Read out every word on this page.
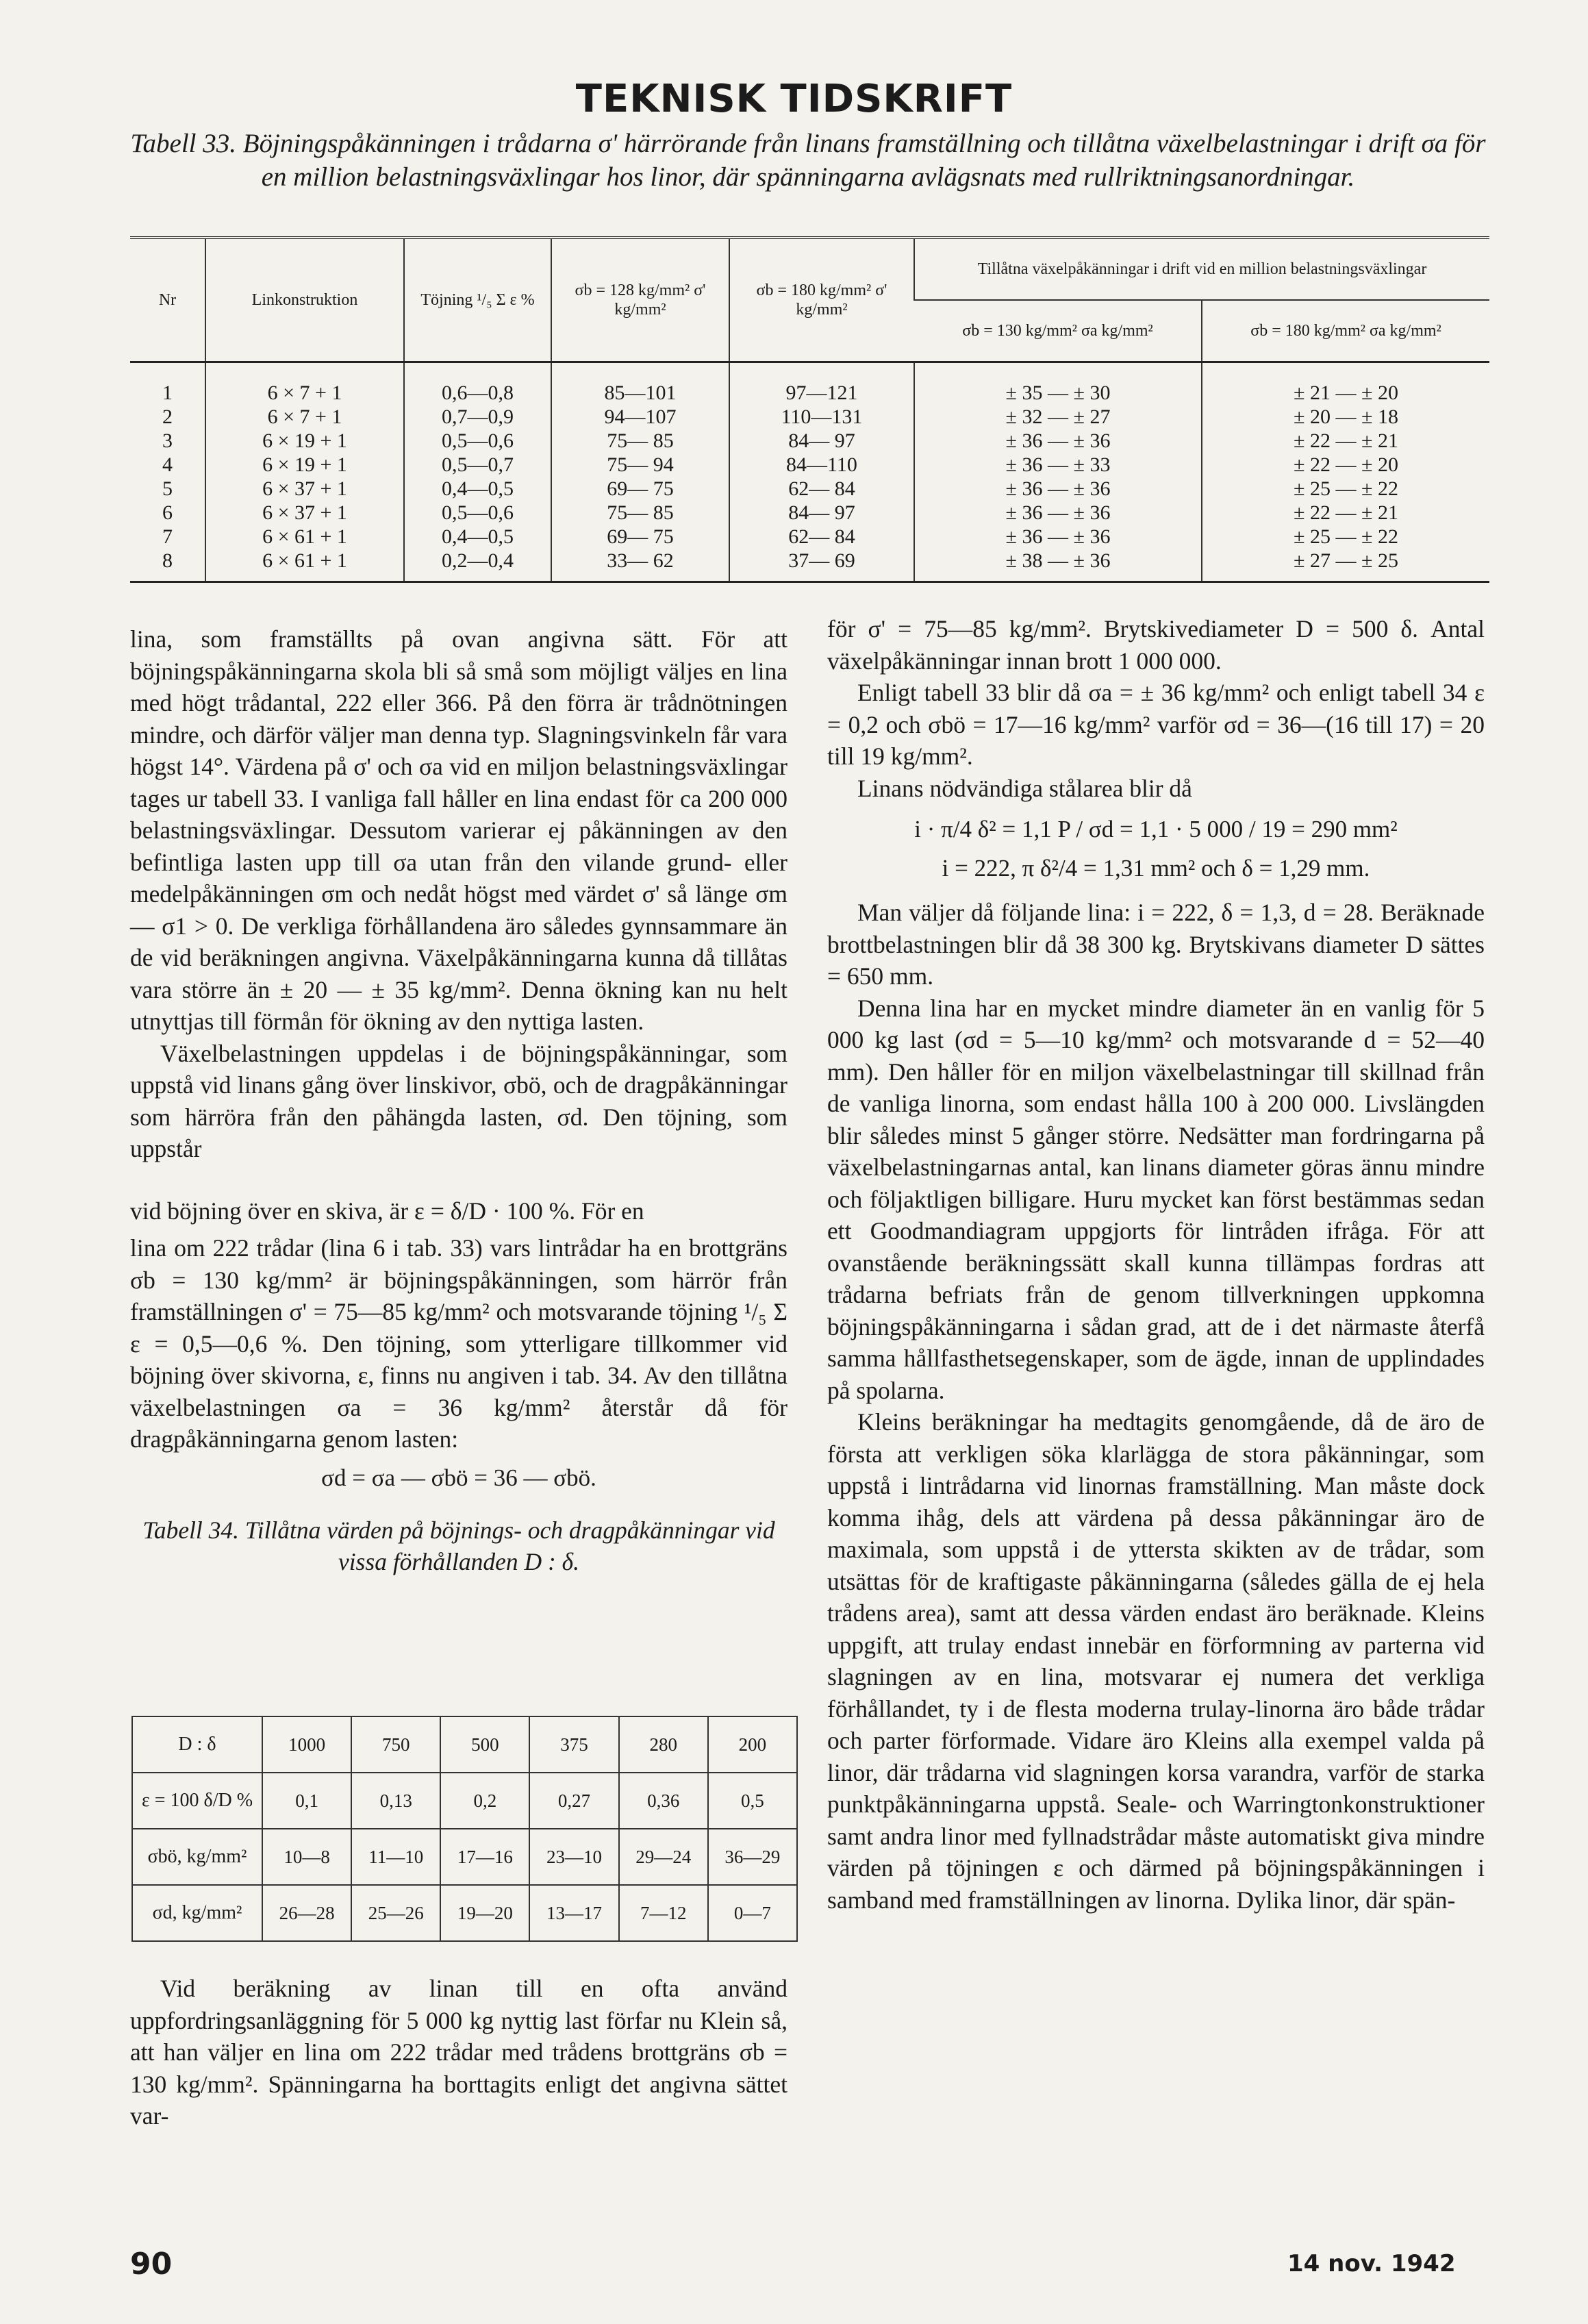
TEKNISK TIDSKRIFT
Tabell 33. Böjningspåkänningen i trådarna σ' härrörande från linans framställning och tillåtna växelbelastningar i drift σa för en million belastningsväxlingar hos linor, där spänningarna avlägsnats med rullriktningsanordningar.
Nr	Linkonstruktion	Töjning ¹/₅ Σ ε %	σb = 128 kg/mm² σ' kg/mm²	σb = 180 kg/mm² σ' kg/mm²	Tillåtna växelpåkänningar i drift vid en million belastningsväxlingar	
					σb = 130 kg/mm² σa kg/mm²	σb = 180 kg/mm² σa kg/mm²
1	6 × 7 + 1	0,6—0,8	85—101	97—121	± 35 — ± 30	± 21 — ± 20
2	6 × 7 + 1	0,7—0,9	94—107	110—131	± 32 — ± 27	± 20 — ± 18
3	6 × 19 + 1	0,5—0,6	75— 85	84— 97	± 36 — ± 36	± 22 — ± 21
4	6 × 19 + 1	0,5—0,7	75— 94	84—110	± 36 — ± 33	± 22 — ± 20
5	6 × 37 + 1	0,4—0,5	69— 75	62— 84	± 36 — ± 36	± 25 — ± 22
6	6 × 37 + 1	0,5—0,6	75— 85	84— 97	± 36 — ± 36	± 22 — ± 21
7	6 × 61 + 1	0,4—0,5	69— 75	62— 84	± 36 — ± 36	± 25 — ± 22
8	6 × 61 + 1	0,2—0,4	33— 62	37— 69	± 38 — ± 36	± 27 — ± 25

lina, som framställts på ovan angivna sätt. För att böjningspåkänningarna skola bli så små som möjligt väljes en lina med högt trådantal, 222 eller 366. På den förra är trådnötningen mindre, och därför väljer man denna typ. Slagningsvinkeln får vara högst 14°. Värdena på σ' och σa vid en miljon belastningsväxlingar tages ur tabell 33. I vanliga fall håller en lina endast för ca 200 000 belastningsväxlingar. Dessutom varierar ej påkänningen av den befintliga lasten upp till σa utan från den vilande grund- eller medelpåkänningen σm och nedåt högst med värdet σ' så länge σm — σ1 > 0. De verkliga förhållandena äro således gynnsammare än de vid beräkningen angivna. Växelpåkänningarna kunna då tillåtas vara större än ± 20 — ± 35 kg/mm². Denna ökning kan nu helt utnyttjas till förmån för ökning av den nyttiga lasten.

Växelbelastningen uppdelas i de böjningspåkänningar, som uppstå vid linans gång över linskivor, σbö, och de dragpåkänningar som härröra från den påhängda lasten, σd. Den töjning, som uppstår

vid böjning över en skiva, är ε = δ/D · 100 %. För en

lina om 222 trådar (lina 6 i tab. 33) vars lintrådar ha en brottgräns σb = 130 kg/mm² är böjningspåkänningen, som härrör från framställningen σ' = 75—85 kg/mm² och motsvarande töjning ¹/₅ Σ ε = 0,5—0,6 %. Den töjning, som ytterligare tillkommer vid böjning över skivorna, ε, finns nu angiven i tab. 34. Av den tillåtna växelbelastningen σa = 36 kg/mm² återstår då för dragpåkänningarna genom lasten:

σd = σa — σbö = 36 — σbö.

Tabell 34. Tillåtna värden på böjnings- och dragpåkänningar vid vissa förhållanden D : δ.

D : δ	1000	750	500	375	280	200
ε = 100 δ/D %	0,1	0,13	0,2	0,27	0,36	0,5
σbö, kg/mm²	10—8	11—10	17—16	23—10	29—24	36—29
σd, kg/mm²	26—28	25—26	19—20	13—17	7—12	0—7

Vid beräkning av linan till en ofta använd uppfordringsanläggning för 5 000 kg nyttig last förfar nu Klein så, att han väljer en lina om 222 trådar med trådens brottgräns σb = 130 kg/mm². Spänningarna ha borttagits enligt det angivna sättet var-

för σ' = 75—85 kg/mm². Brytskivediameter D = 500 δ. Antal växelpåkänningar innan brott 1 000 000.

Enligt tabell 33 blir då σa = ± 36 kg/mm² och enligt tabell 34 ε = 0,2 och σbö = 17—16 kg/mm² varför σd = 36—(16 till 17) = 20 till 19 kg/mm².

Linans nödvändiga stålarea blir då

i · π/4 δ² = 1,1 P / σd = 1,1 · 5 000 / 19 = 290 mm²

i = 222, π δ²/4 = 1,31 mm² och δ = 1,29 mm.

Man väljer då följande lina: i = 222, δ = 1,3, d = 28. Beräknade brottbelastningen blir då 38 300 kg. Brytskivans diameter D sättes = 650 mm.

Denna lina har en mycket mindre diameter än en vanlig för 5 000 kg last (σd = 5—10 kg/mm² och motsvarande d = 52—40 mm). Den håller för en miljon växelbelastningar till skillnad från de vanliga linorna, som endast hålla 100 à 200 000. Livslängden blir således minst 5 gånger större. Nedsätter man fordringarna på växelbelastningarnas antal, kan linans diameter göras ännu mindre och följaktligen billigare. Huru mycket kan först bestämmas sedan ett Goodmandiagram uppgjorts för lintråden ifråga. För att ovanstående beräkningssätt skall kunna tillämpas fordras att trådarna befriats från de genom tillverkningen uppkomna böjningspåkänningarna i sådan grad, att de i det närmaste återfå samma hållfasthetsegenskaper, som de ägde, innan de upplindades på spolarna.

Kleins beräkningar ha medtagits genomgående, då de äro de första att verkligen söka klarlägga de stora påkänningar, som uppstå i lintrådarna vid linornas framställning. Man måste dock komma ihåg, dels att värdena på dessa påkänningar äro de maximala, som uppstå i de yttersta skikten av de trådar, som utsättas för de kraftigaste påkänningarna (således gälla de ej hela trådens area), samt att dessa värden endast äro beräknade. Kleins uppgift, att trulay endast innebär en förformning av parterna vid slagningen av en lina, motsvarar ej numera det verkliga förhållandet, ty i de flesta moderna trulay-linorna äro både trådar och parter förformade. Vidare äro Kleins alla exempel valda på linor, där trådarna vid slagningen korsa varandra, varför de starka punktpåkänningarna uppstå. Seale- och Warringtonkonstruktioner samt andra linor med fyllnadstrådar måste automatiskt giva mindre värden på töjningen ε och därmed på böjningspåkänningen i samband med framställningen av linorna. Dylika linor, där spän-

90	14 nov. 1942
